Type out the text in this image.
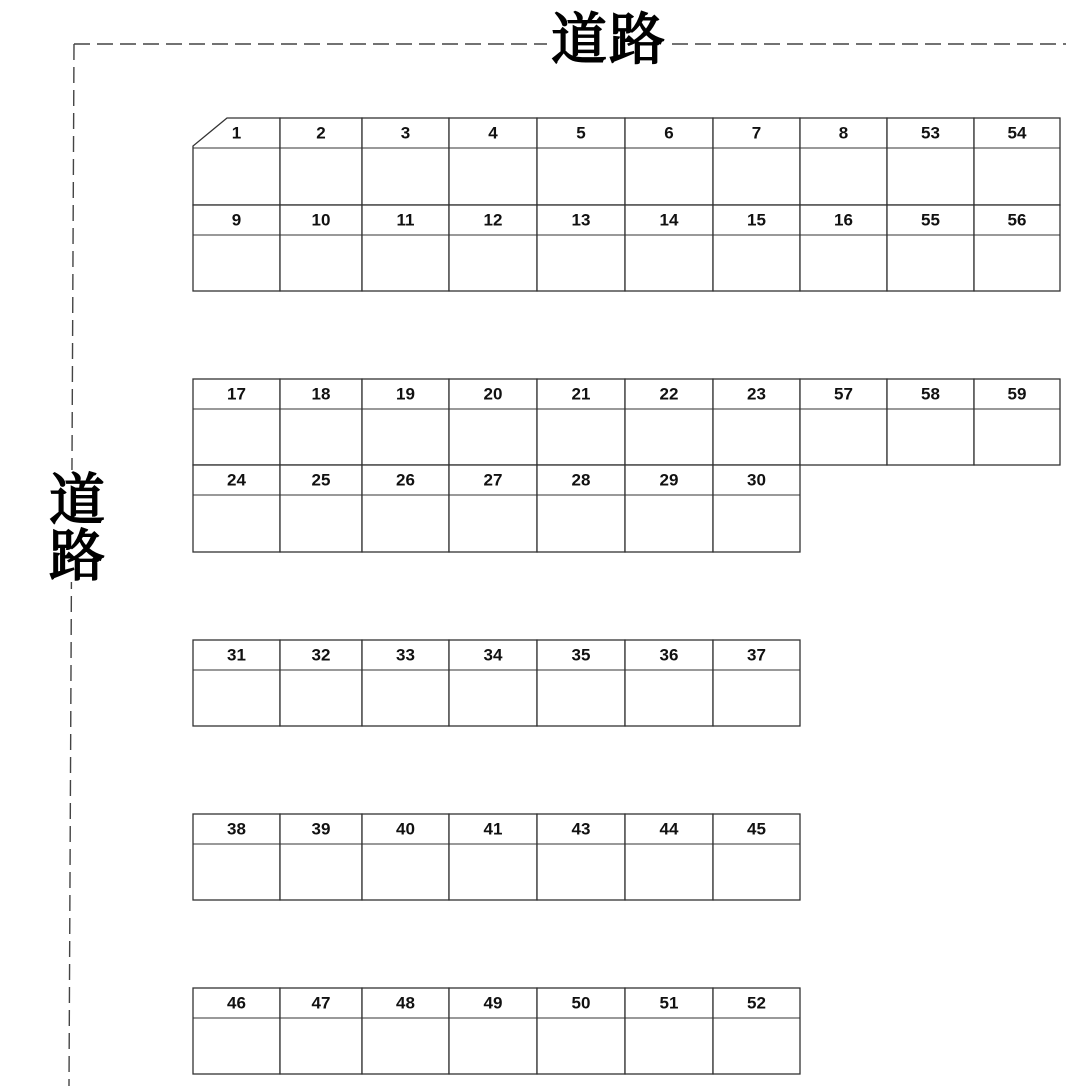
1	2	3	4	5	6	7	8	53	54
9	10	11	12	13	14	15	16	55	56
17	18	19	20	21	22	23	57	58	59
24	25	26	27	28	29	30
31	32	33	34	35	36	37
38	39	40	41	43	44	45
46	47	48	49	50	51	52
道路
道路
